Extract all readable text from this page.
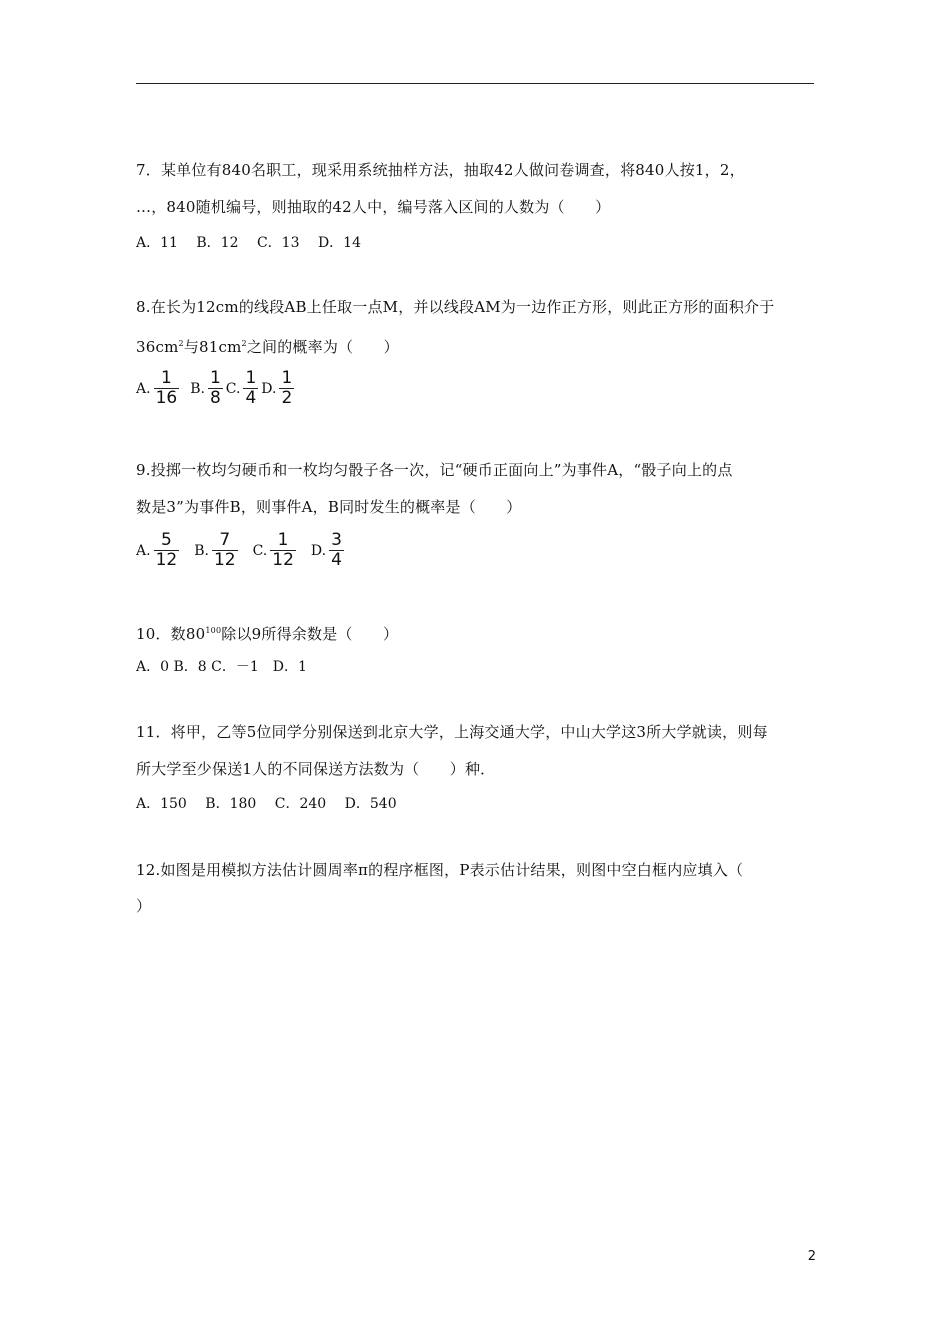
7．某单位有840名职工，现采用系统抽样方法，抽取42人做问卷调查，将840人按1，2，
…，840随机编号，则抽取的42人中，编号落入区间的人数为（　　）
A．11 B．12 C．13 D．14
8.在长为12cm的线段AB上任取一点M，并以线段AM为一边作正方形，则此正方形的面积介于
$36cm^2$与$81cm^2$之间的概率为（　　）
A. $\frac{1}{16} B$. $\frac{1}{8} C$. $\frac{1}{4} D$. $\frac{1}{2}$
9.投掷一枚均匀硬币和一枚均匀骰子各一次，记“硬币正面向上”为事件A，“骰子向上的点
数是3”为事件B，则事件A，B同时发生的概率是（　　）
A. $\frac{5}{12} B$. $\frac{7}{12} C$. $\frac{1}{12} D$. $\frac{3}{4}$
10．数$80^{100}$除以9所得余数是（　　）
A．0 B．8 C．－1　D．1
11．将甲，乙等5位同学分别保送到北京大学，上海交通大学，中山大学这3所大学就读，则每
所大学至少保送1人的不同保送方法数为（　　）种．
A．150 B．180 C．240 D．540
12.如图是用模拟方法估计圆周率π的程序框图，P表示估计结果，则图中空白框内应填入（
）
2
